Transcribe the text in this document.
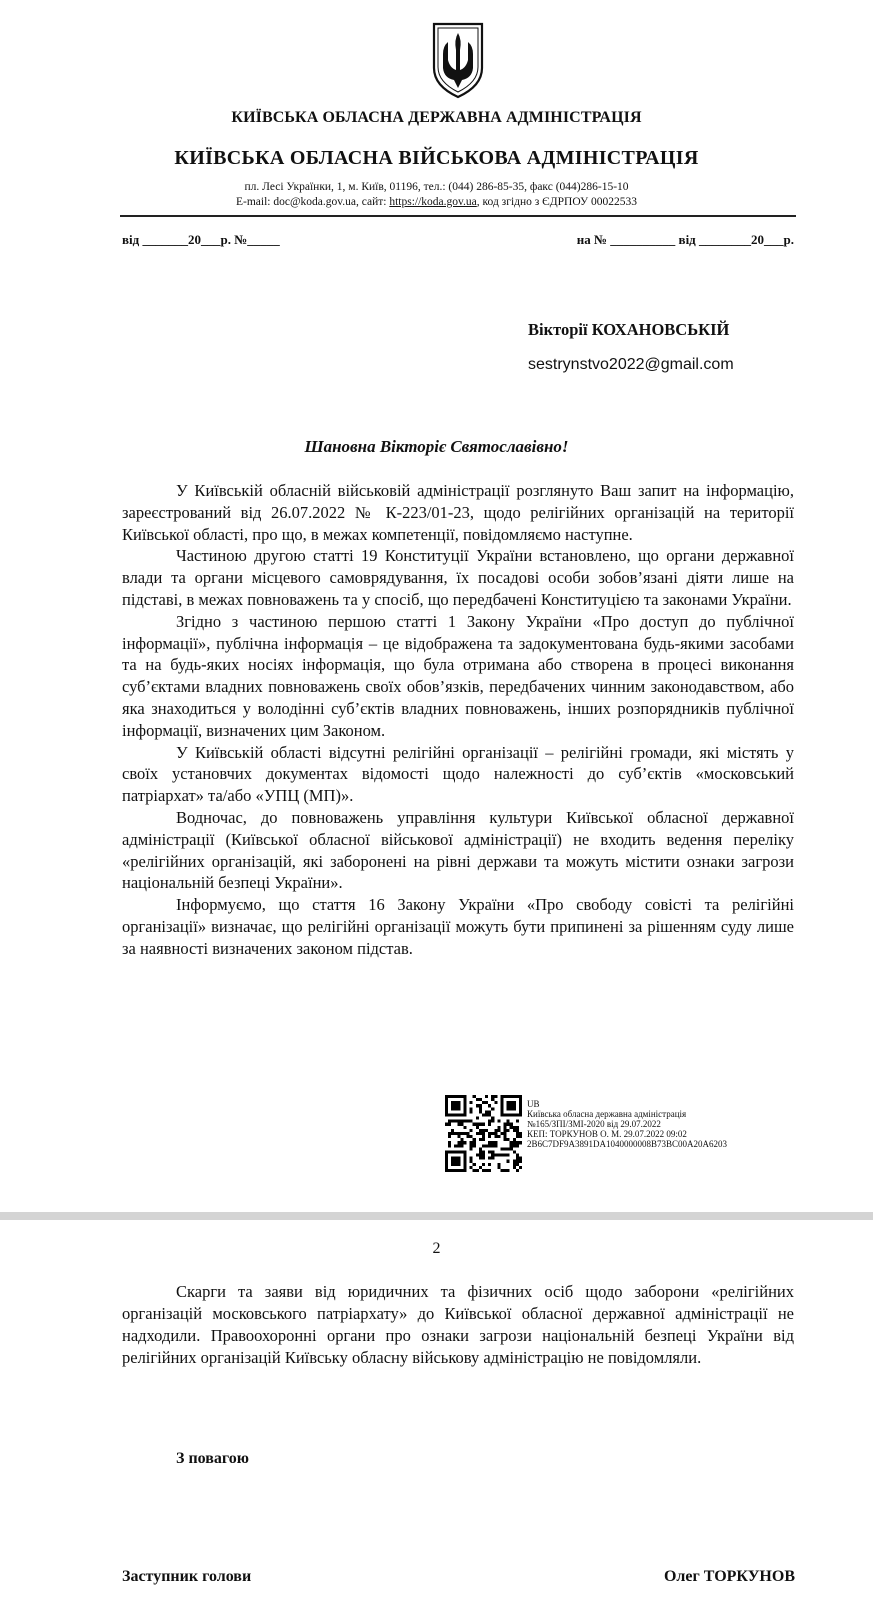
КИЇВСЬКА ОБЛАСНА ДЕРЖАВНА АДМІНІСТРАЦІЯ
КИЇВСЬКА ОБЛАСНА ВІЙСЬКОВА АДМІНІСТРАЦІЯ
пл. Лесі Українки, 1, м. Київ, 01196, тел.: (044) 286-85-35, факс (044)286-15-10
E-mail: doc@koda.gov.ua, сайт: https://koda.gov.ua, код згідно з ЄДРПОУ 00022533
від _______20___р. №_____	на № __________ від ________20___р.
Вікторії КОХАНОВСЬКІЙ
sestrynstvo2022@gmail.com
Шановна Вікторіє Святославівно!

У Київській обласній військовій адміністрації розглянуто Ваш запит на інформацію, зареєстрований від 26.07.2022 № К-223/01-23, щодо релігійних організацій на території Київської області, про що, в межах компетенції, повідомляємо наступне.

Частиною другою статті 19 Конституції України встановлено, що органи державної влади та органи місцевого самоврядування, їх посадові особи зобов’язані діяти лише на підставі, в межах повноважень та у спосіб, що передбачені Конституцією та законами України.

Згідно з частиною першою статті 1 Закону України «Про доступ до публічної інформації», публічна інформація – це відображена та задокументована будь-якими засобами та на будь-яких носіях інформація, що була отримана або створена в процесі виконання суб’єктами владних повноважень своїх обов’язків, передбачених чинним законодавством, або яка знаходиться у володінні суб’єктів владних повноважень, інших розпорядників публічної інформації, визначених цим Законом.

У Київській області відсутні релігійні організації – релігійні громади, які містять у своїх установчих документах відомості щодо належності до суб’єктів «московський патріархат» та/або «УПЦ (МП)».

Водночас, до повноважень управління культури Київської обласної державної адміністрації (Київської обласної військової адміністрації) не входить ведення переліку «релігійних організацій, які заборонені на рівні держави та можуть містити ознаки загрози національній безпеці України».

Інформуємо, що стаття 16 Закону України «Про свободу совісті та релігійні організації» визначає, що релігійні організації можуть бути припинені за рішенням суду лише за наявності визначених законом підстав.

UB
Київська обласна державна адміністрація
№165/ЗПІ/ЗМІ-2020 від 29.07.2022
КЕП: ТОРКУНОВ О. М. 29.07.2022 09:02
2B6C7DF9A3891DA1040000008B73BC00A20A6203
2

Скарги та заяви від юридичних та фізичних осіб щодо заборони «релігійних організацій московського патріархату» до Київської обласної державної адміністрації не надходили. Правоохоронні органи про ознаки загрози національній безпеці України від релігійних організацій Київську обласну військову адміністрацію не повідомляли.

З повагою
Заступник голови	Олег ТОРКУНОВ
